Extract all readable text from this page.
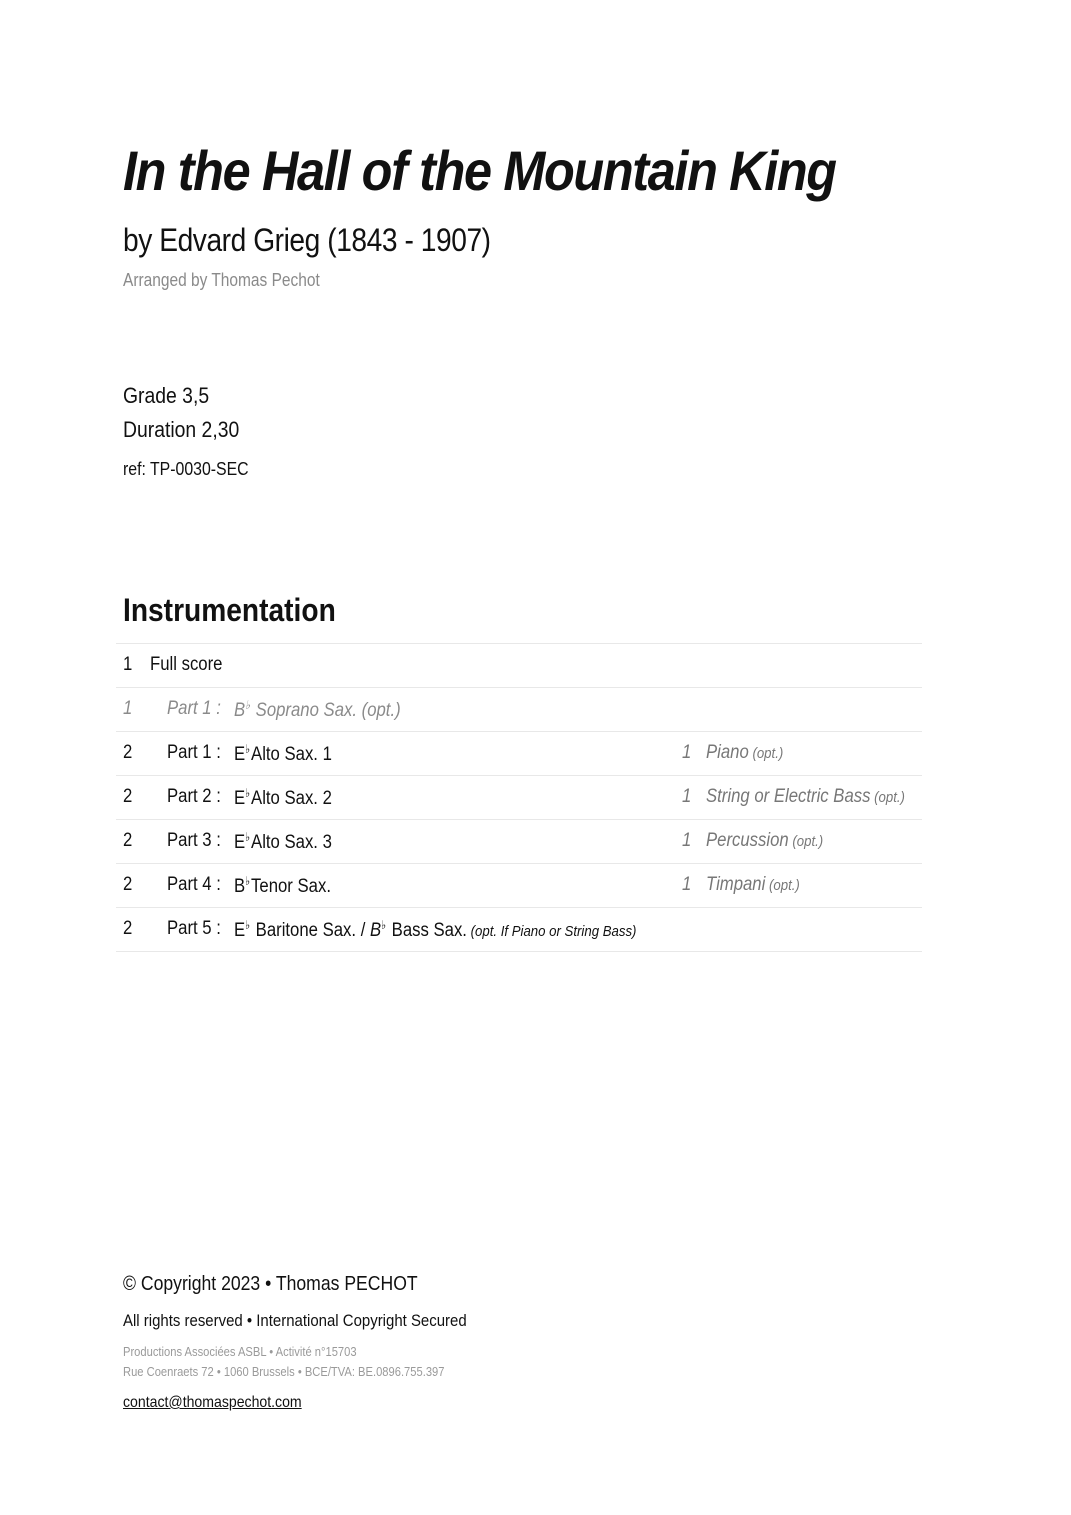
In the Hall of the Mountain King
by Edvard Grieg (1843 - 1907)
Arranged by Thomas Pechot
Grade 3,5
Duration 2,30
ref: TP-0030-SEC
Instrumentation
1 Full score
1 Part 1 : B♭ Soprano Sax. (opt.)
2 Part 1 : E♭Alto Sax. 1	1 Piano (opt.)
2 Part 2 : E♭Alto Sax. 2	1 String or Electric Bass (opt.)
2 Part 3 : E♭Alto Sax. 3	1 Percussion (opt.)
2 Part 4 : B♭Tenor Sax.	1 Timpani (opt.)
2 Part 5 : E♭ Baritone Sax. / B♭ Bass Sax. (opt. If Piano or String Bass)
© Copyright 2023 • Thomas PECHOT
All rights reserved • International Copyright Secured
Productions Associées ASBL • Activité n°15703
Rue Coenraets 72 • 1060 Brussels • BCE/TVA: BE.0896.755.397
contact@thomaspechot.com
